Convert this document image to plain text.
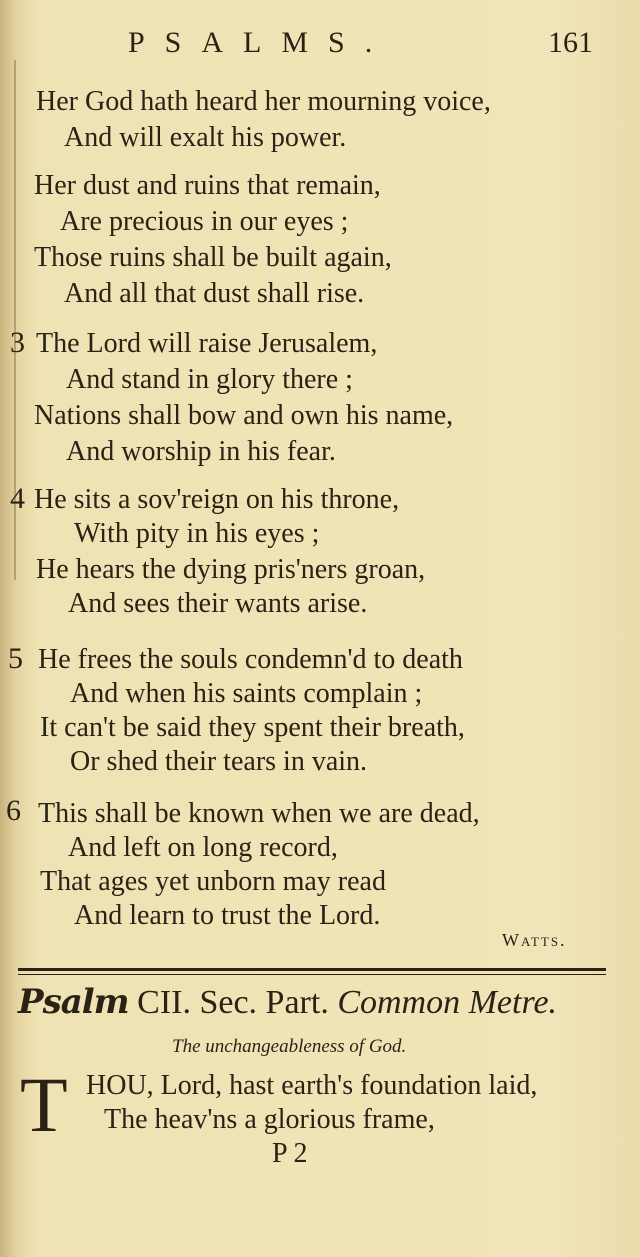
PSALMS.	161
Her God hath heard her mourning voice,
And will exalt his power.
Her dust and ruins that remain,
Are precious in our eyes ;
Those ruins shall be built again,
And all that dust shall rise.
3 The Lord will raise Jerusalem,
And stand in glory there ;
Nations shall bow and own his name,
And worship in his fear.
4 He sits a sov'reign on his throne,
With pity in his eyes ;
He hears the dying pris'ners groan,
And sees their wants arise.
5 He frees the souls condemn'd to death
And when his saints complain ;
It can't be said they spent their breath,
Or shed their tears in vain.
6 This shall be known when we are dead,
And left on long record,
That ages yet unborn may read
And learn to trust the Lord.
Watts.
Psalm CII. Sec. Part. Common Metre.
The unchangeableness of God.
T HOU, Lord, hast earth's foundation laid,
The heav'ns a glorious frame,
P 2
